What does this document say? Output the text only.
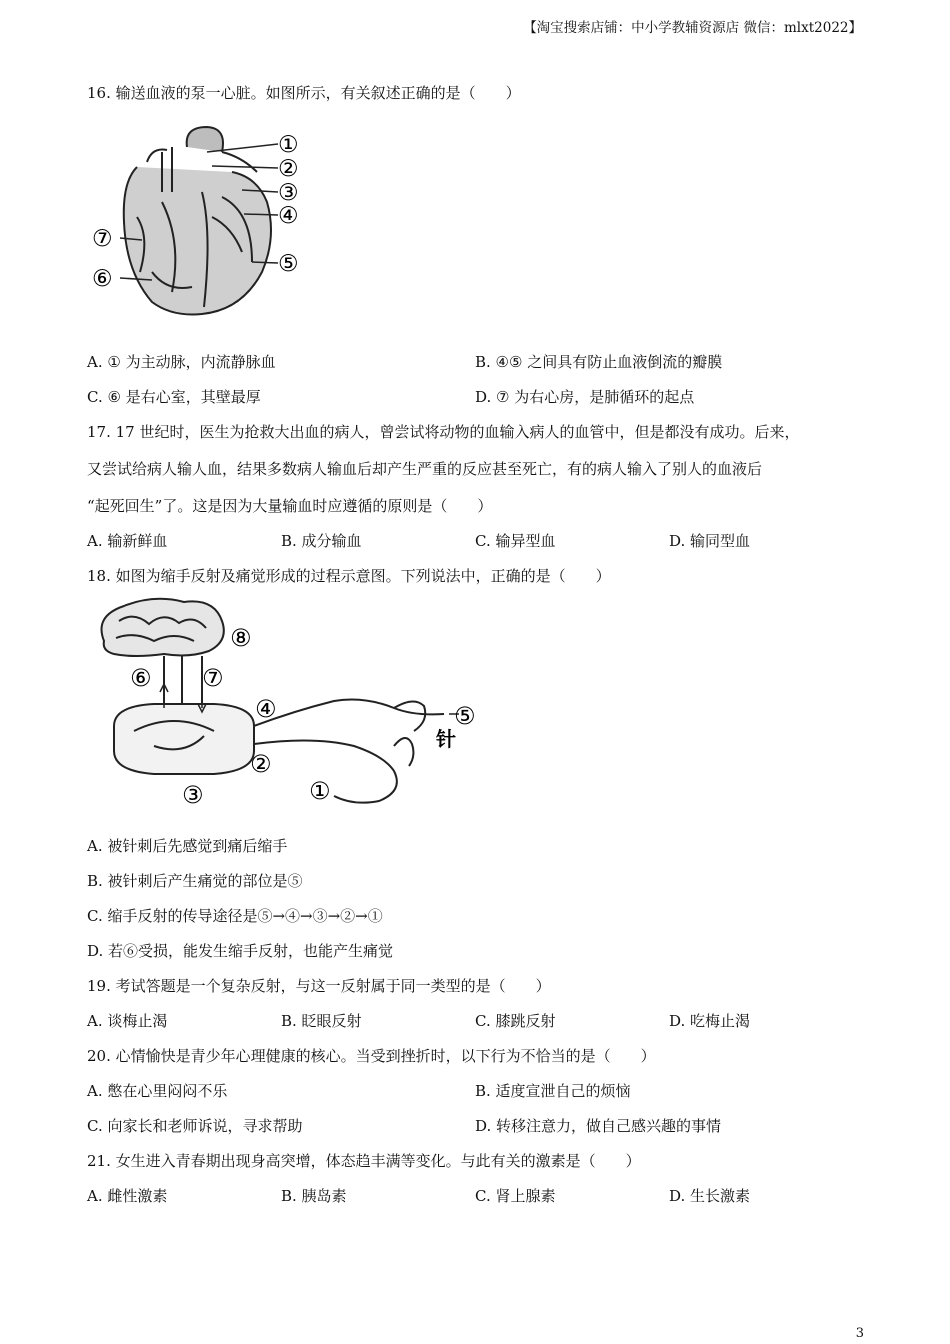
【淘宝搜索店铺：中小学教辅资源店 微信：mlxt2022】
16. 输送血液的泵一心脏。如图所示，有关叙述正确的是（　　）
①
②
③
④
⑤
⑥
⑦
A. ① 为主动脉，内流静脉血	B. ④⑤ 之间具有防止血液倒流的瓣膜
C. ⑥ 是右心室，其壁最厚	D. ⑦ 为右心房，是肺循环的起点
17. 17 世纪时，医生为抢救大出血的病人，曾尝试将动物的血输入病人的血管中，但是都没有成功。后来，
又尝试给病人输人血，结果多数病人输血后却产生严重的反应甚至死亡，有的病人输入了别人的血液后
“起死回生”了。这是因为大量输血时应遵循的原则是（　　）
A. 输新鲜血	B. 成分输血	C. 输异型血	D. 输同型血
18. 如图为缩手反射及痛觉形成的过程示意图。下列说法中，正确的是（　　）
①
②
③
④	⑤
⑥ ⑦
⑧
针
A. 被针刺后先感觉到痛后缩手
B. 被针刺后产生痛觉的部位是⑤
C. 缩手反射的传导途径是⑤→④→③→②→①
D. 若⑥受损，能发生缩手反射，也能产生痛觉
19. 考试答题是一个复杂反射，与这一反射属于同一类型的是（　　）
A. 谈梅止渴	B. 眨眼反射	C. 膝跳反射	D. 吃梅止渴
20. 心情愉快是青少年心理健康的核心。当受到挫折时，以下行为不恰当的是（　　）
A. 憋在心里闷闷不乐	B. 适度宣泄自己的烦恼
C. 向家长和老师诉说，寻求帮助	D. 转移注意力，做自己感兴趣的事情
21. 女生进入青春期出现身高突增，体态趋丰满等变化。与此有关的激素是（　　）
A. 雌性激素	B. 胰岛素	C. 肾上腺素	D. 生长激素
3
